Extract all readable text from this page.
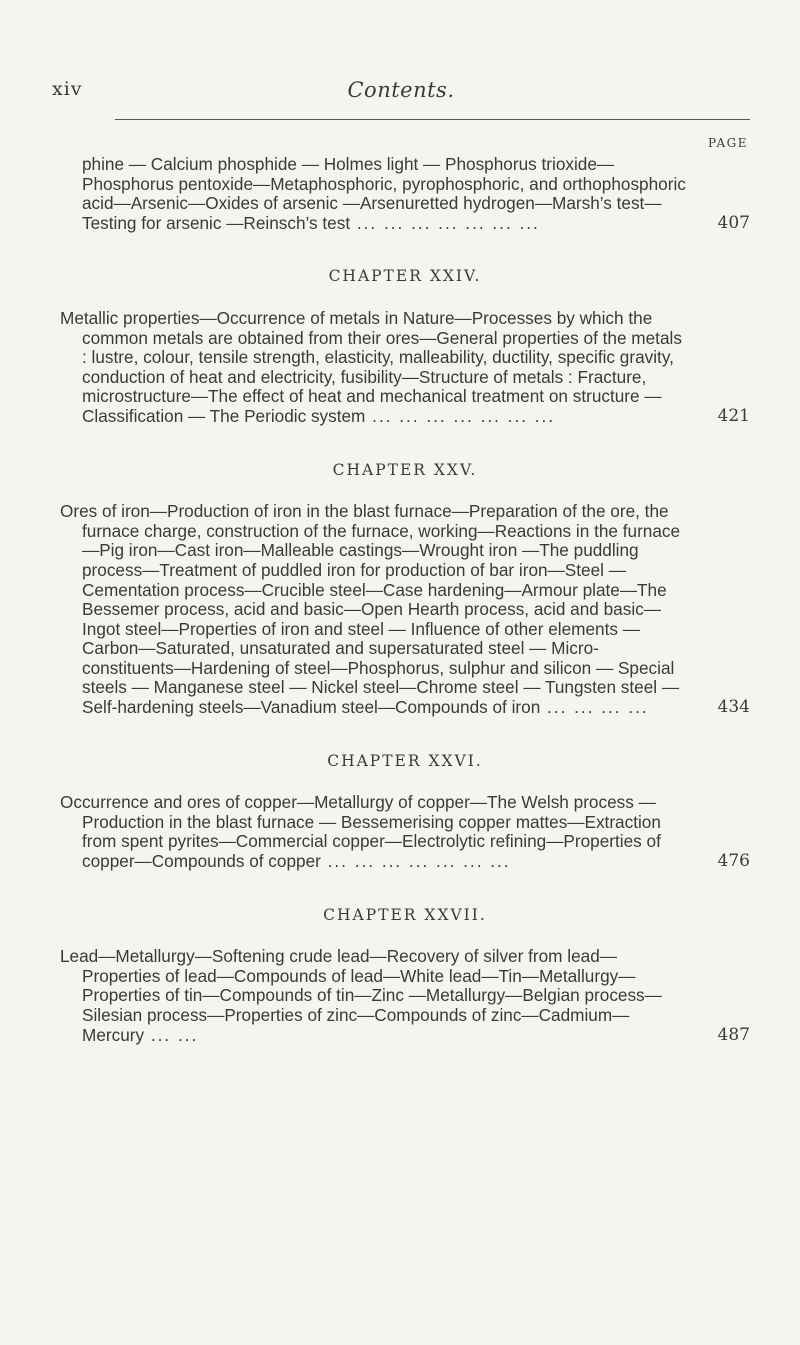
xiv	Contents.
PAGE
phine — Calcium phosphide — Holmes light — Phosphorus trioxide—Phosphorus pentoxide—Metaphosphoric, pyrophosphoric, and orthophosphoric acid—Arsenic—Oxides of arsenic —Arsenuretted hydrogen—Marsh’s test—Testing for arsenic —Reinsch’s test ... ... ... ... ... ... ...	407
CHAPTER XXIV.
Metallic properties—Occurrence of metals in Nature—Processes by which the common metals are obtained from their ores—General properties of the metals : lustre, colour, tensile strength, elasticity, malleability, ductility, specific gravity, conduction of heat and electricity, fusibility—Structure of metals : Fracture, microstructure—The effect of heat and mechanical treatment on structure — Classification — The Periodic system ... ... ... ... ... ... ...	421
CHAPTER XXV.
Ores of iron—Production of iron in the blast furnace—Preparation of the ore, the furnace charge, construction of the furnace, working—Reactions in the furnace—Pig iron—Cast iron—Malleable castings—Wrought iron —The puddling process—Treatment of puddled iron for production of bar iron—Steel —Cementation process—Crucible steel—Case hardening—Armour plate—The Bessemer process, acid and basic—Open Hearth process, acid and basic—Ingot steel—Properties of iron and steel — Influence of other elements — Carbon—Saturated, unsaturated and supersaturated steel — Micro-constituents—Hardening of steel—Phosphorus, sulphur and silicon — Special steels — Manganese steel — Nickel steel—Chrome steel — Tungsten steel — Self-hardening steels—Vanadium steel—Compounds of iron ... ... ... ...	434
CHAPTER XXVI.
Occurrence and ores of copper—Metallurgy of copper—The Welsh process — Production in the blast furnace — Bessemerising copper mattes—Extraction from spent pyrites—Commercial copper—Electrolytic refining—Properties of copper—Compounds of copper ... ... ... ... ... ... ...	476
CHAPTER XXVII.
Lead—Metallurgy—Softening crude lead—Recovery of silver from lead—Properties of lead—Compounds of lead—White lead—Tin—Metallurgy—Properties of tin—Compounds of tin—Zinc —Metallurgy—Belgian process—Silesian process—Properties of zinc—Compounds of zinc—Cadmium—Mercury ... ...	487
